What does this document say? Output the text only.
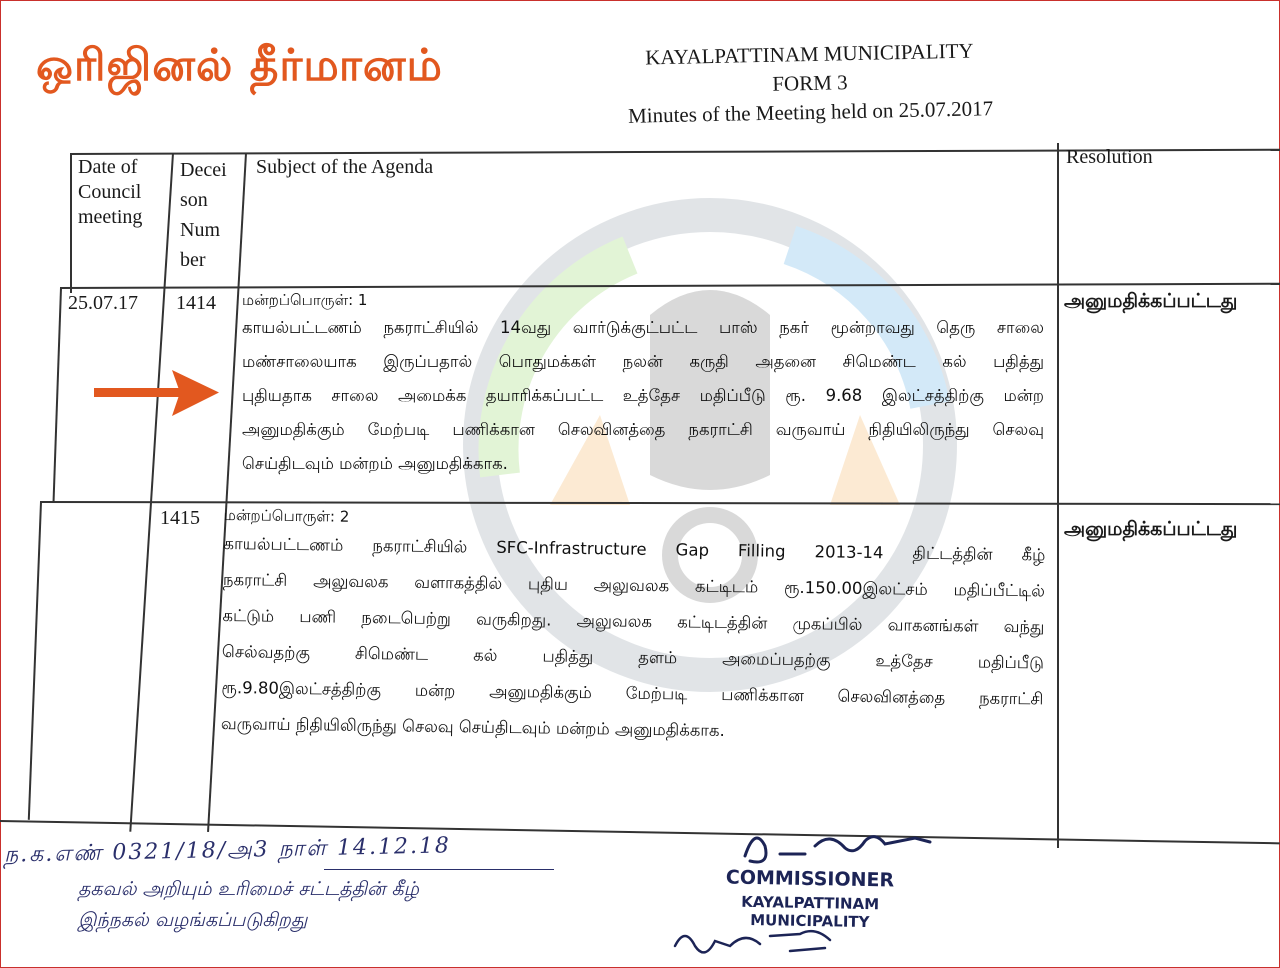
ஒரிஜினல் தீர்மானம்	KAYALPATTINAM MUNICIPALITY
FORM 3
Minutes of the Meeting held on 25.07.2017
Date of
Council
meeting
Decei
son
Num
ber
Subject of the Agenda	Resolution
25.07.17 1414 மன்றப்பொருள்: 1
காயல்பட்டணம் நகராட்சியில் 14வது வார்டுக்குட்பட்ட பாஸ் நகர் மூன்றாவது தெரு சாலை
மண்சாலையாக இருப்பதால் பொதுமக்கள் நலன் கருதி அதனை சிமெண்ட கல் பதித்து
புதியதாக சாலை அமைக்க தயாரிக்கப்பட்ட உத்தேச மதிப்பீடு ரூ. 9.68 இலட்சத்திற்கு மன்ற
அனுமதிக்கும் மேற்படி பணிக்கான செலவினத்தை நகராட்சி வருவாய் நிதியிலிருந்து செலவு
செய்திடவும் மன்றம் அனுமதிக்காக.
அனுமதிக்கப்பட்டது
1415 மன்றப்பொருள்: 2
காயல்பட்டணம் நகராட்சியில் SFC-Infrastructure Gap Filling 2013-14 திட்டத்தின் கீழ்
நகராட்சி அலுவலக வளாகத்தில் புதிய அலுவலக கட்டிடம் ரூ.150.00இலட்சம் மதிப்பீட்டில்
கட்டும் பணி நடைபெற்று வருகிறது. அலுவலக கட்டிடத்தின் முகப்பில் வாகனங்கள் வந்து
செல்வதற்கு சிமெண்ட கல் பதித்து தளம் அமைப்பதற்கு உத்தேச மதிப்பீடு
ரூ.9.80இலட்சத்திற்கு மன்ற அனுமதிக்கும் மேற்படி பணிக்கான செலவினத்தை நகராட்சி
வருவாய் நிதியிலிருந்து செலவு செய்திடவும் மன்றம் அனுமதிக்காக.
அனுமதிக்கப்பட்டது
ந.க.எண் 0321/18/அ3 நாள் 14.12.18
தகவல் அறியும் உரிமைச் சட்டத்தின் கீழ்
இந்நகல் வழங்கப்படுகிறது
COMMISSIONER
KAYALPATTINAM MUNICIPALITY
